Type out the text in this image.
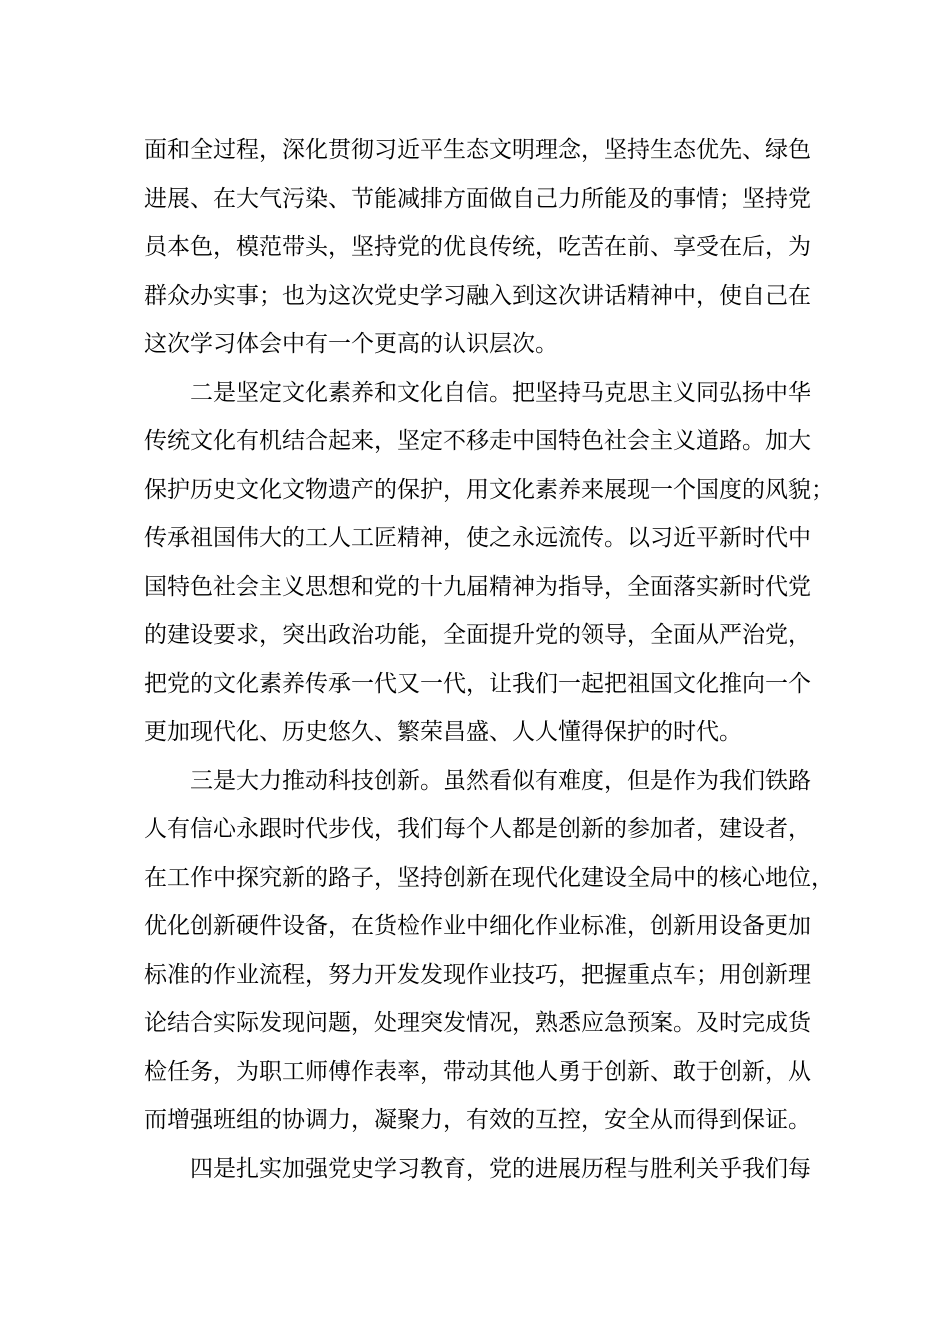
面和全过程，深化贯彻习近平生态文明理念，坚持生态优先、绿色
进展、在大气污染、节能减排方面做自己力所能及的事情；坚持党
员本色，模范带头，坚持党的优良传统，吃苦在前、享受在后，为
群众办实事；也为这次党史学习融入到这次讲话精神中，使自己在
这次学习体会中有一个更高的认识层次。
　　二是坚定文化素养和文化自信。把坚持马克思主义同弘扬中华
传统文化有机结合起来，坚定不移走中国特色社会主义道路。加大
保护历史文化文物遗产的保护，用文化素养来展现一个国度的风貌；
传承祖国伟大的工人工匠精神，使之永远流传。以习近平新时代中
国特色社会主义思想和党的十九届精神为指导，全面落实新时代党
的建设要求，突出政治功能，全面提升党的领导，全面从严治党，
把党的文化素养传承一代又一代，让我们一起把祖国文化推向一个
更加现代化、历史悠久、繁荣昌盛、人人懂得保护的时代。
　　三是大力推动科技创新。虽然看似有难度，但是作为我们铁路
人有信心永跟时代步伐，我们每个人都是创新的参加者，建设者，
在工作中探究新的路子，坚持创新在现代化建设全局中的核心地位，
优化创新硬件设备，在货检作业中细化作业标准，创新用设备更加
标准的作业流程，努力开发发现作业技巧，把握重点车；用创新理
论结合实际发现问题，处理突发情况，熟悉应急预案。及时完成货
检任务，为职工师傅作表率，带动其他人勇于创新、敢于创新，从
而增强班组的协调力，凝聚力，有效的互控，安全从而得到保证。
　　四是扎实加强党史学习教育，党的进展历程与胜利关乎我们每
